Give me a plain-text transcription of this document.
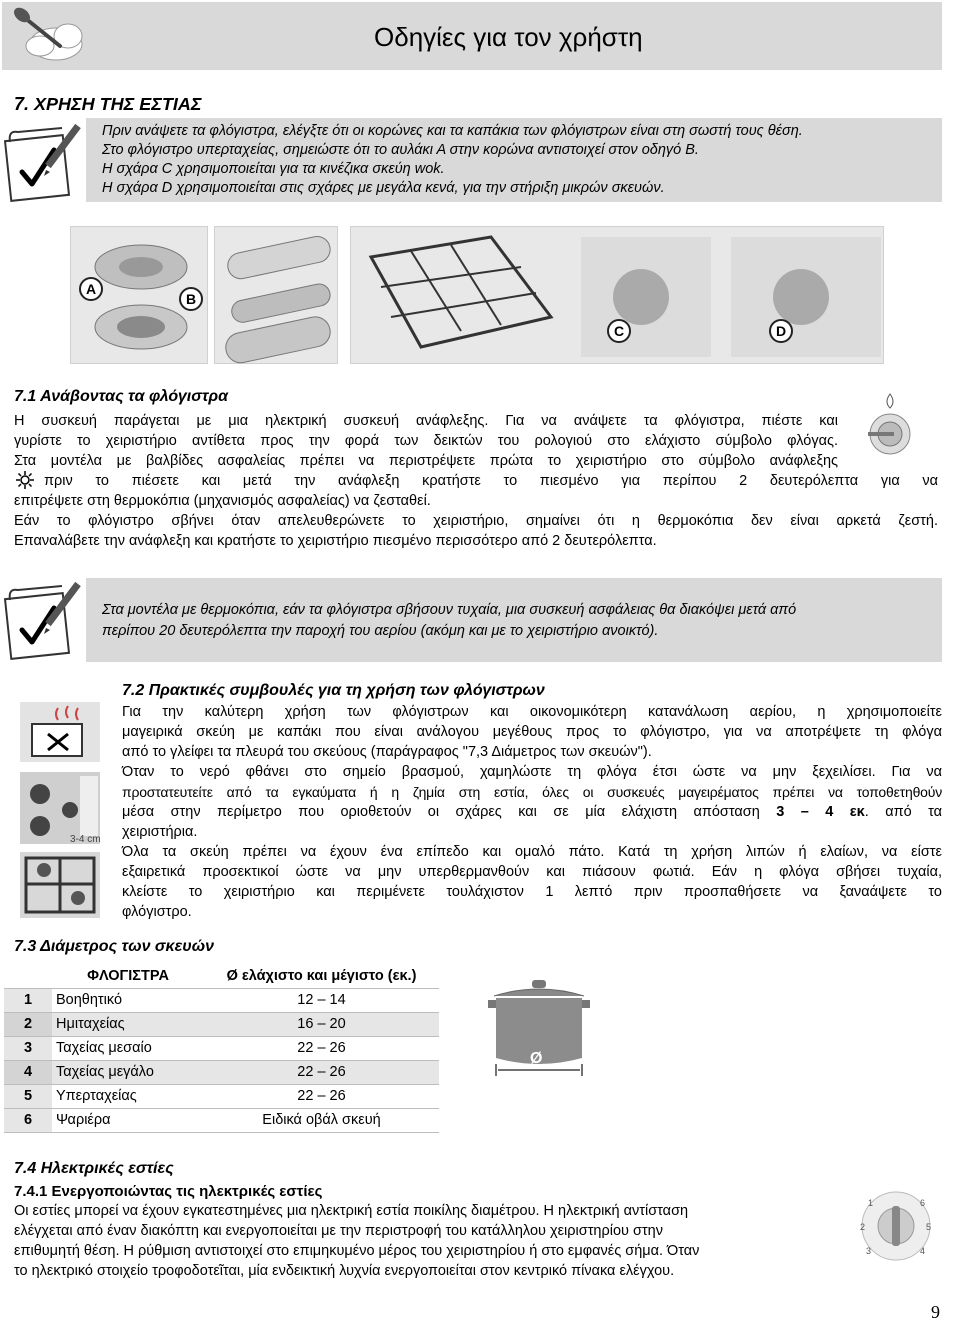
Οδηγίες για τον χρήστη
7. ΧΡΗΣΗ ΤΗΣ ΕΣΤΙΑΣ
Πριν ανάψετε τα φλόγιστρα, ελέγξτε ότι οι κορώνες και τα καπάκια των φλόγιστρων είναι στη σωστή τους θέση.
Στο φλόγιστρο υπερταχείας, σημειώστε ότι το αυλάκι Α στην κορώνα αντιστοιχεί στον οδηγό Β.
Η σχάρα C χρησιμοποιείται για τα κινέζικα σκεύη wok.
Η σχάρα D χρησιμοποιείται στις σχάρες με μεγάλα κενά, για την στήριξη μικρών σκευών.
A
B
C	D
7.1 Ανάβοντας τα φλόγιστρα

Η συσκευή παράγεται με μια ηλεκτρική συσκευή ανάφλεξης. Για να ανάψετε τα φλόγιστρα, πιέστε και

γυρίστε το χειριστήριο αντίθετα προς την φορά των δεικτών του ρολογιού στο ελάχιστο σύμβολο φλόγας.

Στα μοντέλα με βαλβίδες ασφαλείας πρέπει να περιστρέψετε πρώτα το χειριστήριο στο σύμβολο ανάφλεξης

πριν το πιέσετε και μετά την ανάφλεξη κρατήστε το πιεσμένο για περίπου 2 δευτερόλεπτα για να

επιτρέψετε στη θερμοκόπια (μηχανισμός ασφαλείας) να ζεσταθεί.

Εάν το φλόγιστρο σβήνει όταν απελευθερώνετε το χειριστήριο, σημαίνει ότι η θερμοκόπια δεν είναι αρκετά ζεστή.

Επαναλάβετε την ανάφλεξη και κρατήστε το χειριστήριο πιεσμένο περισσότερο από 2 δευτερόλεπτα.

Στα μοντέλα με θερμοκόπια, εάν τα φλόγιστρα σβήσουν τυχαία, μια συσκευή ασφάλειας θα διακόψει μετά από
περίπου 20 δευτερόλεπτα την παροχή του αερίου (ακόμη και με το χειριστήριο ανοικτό).
7.2 Πρακτικές συμβουλές για τη χρήση των φλόγιστρων
3-4 cm

Για την καλύτερη χρήση των φλόγιστρων και οικονομικότερη κατανάλωση αερίου, η χρησιμοποιείτε

μαγειρικά σκεύη με καπάκι που είναι ανάλογου μεγέθους προς το φλόγιστρο, για να αποτρέψετε τη φλόγα

από το γλείφει τα πλευρά του σκεύους (παράγραφος "7,3 Διάμετρος των σκευών").

Όταν το νερό φθάνει στο σημείο βρασμού, χαμηλώστε τη φλόγα έτσι ώστε να μην ξεχειλίσει. Για να

προστατευτείτε από τα εγκαύματα ή η ζημία στη εστία, όλες οι συσκευές μαγειρέματος πρέπει να τοποθετηθούν

μέσα στην περίμετρο που οριοθετούν οι σχάρες και σε μία ελάχιστη απόσταση 3 – 4 εκ. από τα

χειριστήρια.

Όλα τα σκεύη πρέπει να έχουν ένα επίπεδο και ομαλό πάτο. Κατά τη χρήση λιπών ή ελαίων, να είστε

εξαιρετικά προσεκτικοί ώστε να μην υπερθερμανθούν και πιάσουν φωτιά. Εάν η φλόγα σβήσει τυχαία,

κλείστε το χειριστήριο και περιμένετε τουλάχιστον 1 λεπτό πριν προσπαθήσετε να ξαναάψετε το

φλόγιστρο.

7.3 Διάμετρος των σκευών
	ΦΛΟΓΙΣΤΡΑ	Ø ελάχιστο και μέγιστο (εκ.)
1	Βοηθητικό	12 – 14
2	Ημιταχείας	16 – 20
3	Ταχείας μεσαίο	22 – 26
4	Ταχείας μεγάλο	22 – 26
5	Υπερταχείας	22 – 26
6	Ψαριέρα	Ειδικά οβάλ σκευή
Ø
7.4 Ηλεκτρικές εστίες
7.4.1 Ενεργοποιώντας τις ηλεκτρικές εστίες

Οι εστίες μπορεί να έχουν εγκατεστημένες μια ηλεκτρική εστία ποικίλης διαμέτρου. Η ηλεκτρική αντίσταση

ελέγχεται από έναν διακόπτη και ενεργοποιείται με την περιστροφή του κατάλληλου χειριστηρίου στην

επιθυμητή θέση. Η ρύθμιση αντιστοιχεί στο επιμηκυμένο μέρος του χειριστηρίου ή στο εμφανές σήμα. Όταν

το ηλεκτρικό στοιχείο τροφοδοτεῖται, μία ενδεικτική λυχνία ενεργοποιείται στον κεντρικό πίνακα ελέγχου.

1
2
3	4
5
6
9
